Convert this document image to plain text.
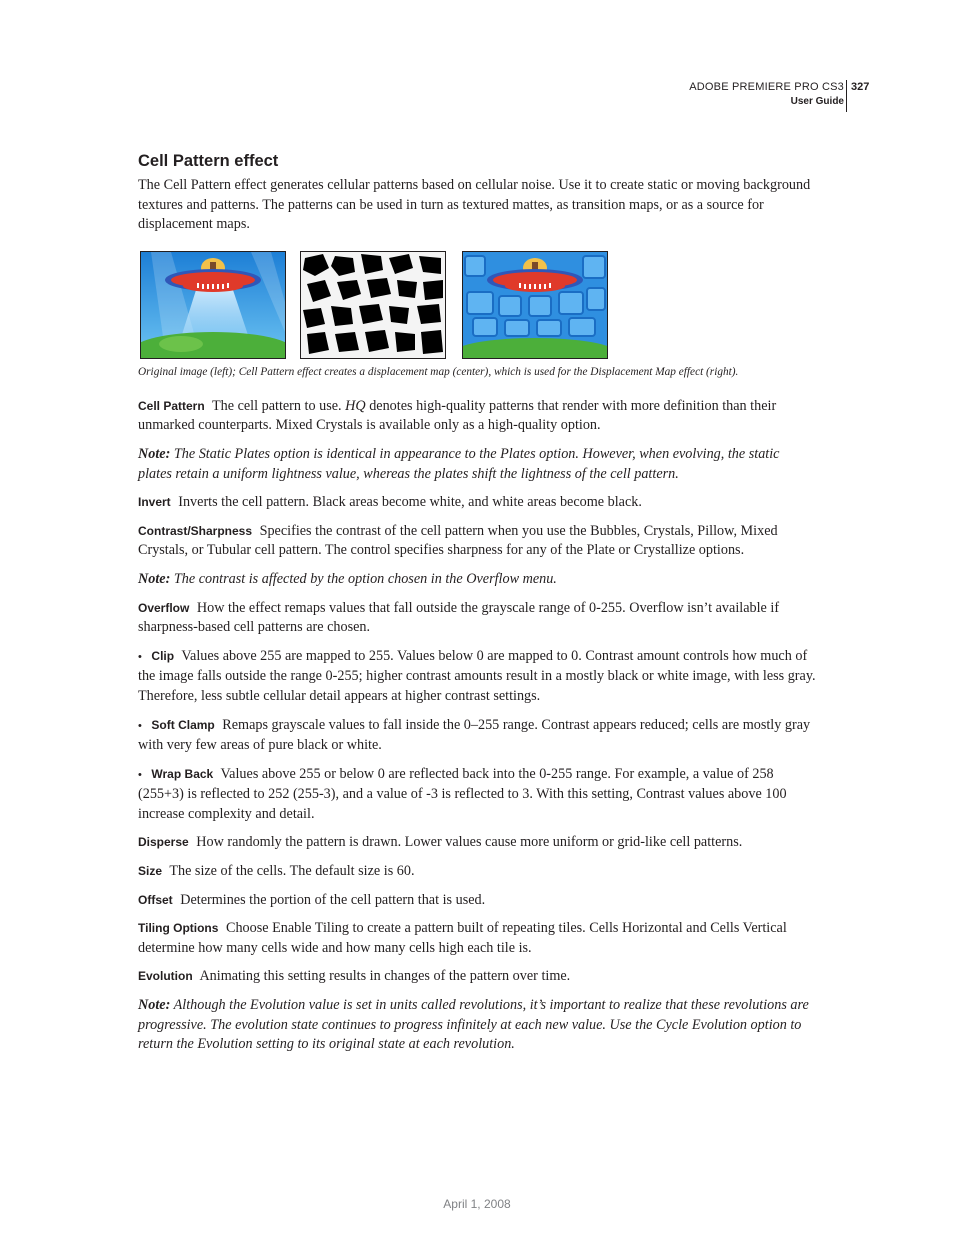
ADOBE PREMIERE PRO CS3
User Guide
327
Cell Pattern effect

The Cell Pattern effect generates cellular patterns based on cellular noise. Use it to create static or moving background textures and patterns. The patterns can be used in turn as textured mattes, as transition maps, or as a source for displacement maps.

Original image (left); Cell Pattern effect creates a displacement map (center), which is used for the Displacement Map effect (right).

Cell Pattern The cell pattern to use. HQ denotes high-quality patterns that render with more definition than their unmarked counterparts. Mixed Crystals is available only as a high-quality option.

Note: The Static Plates option is identical in appearance to the Plates option. However, when evolving, the static plates retain a uniform lightness value, whereas the plates shift the lightness of the cell pattern.

Invert Inverts the cell pattern. Black areas become white, and white areas become black.

Contrast/Sharpness Specifies the contrast of the cell pattern when you use the Bubbles, Crystals, Pillow, Mixed Crystals, or Tubular cell pattern. The control specifies sharpness for any of the Plate or Crystallize options.

Note: The contrast is affected by the option chosen in the Overflow menu.

Overflow How the effect remaps values that fall outside the grayscale range of 0-255. Overflow isn’t available if sharpness-based cell patterns are chosen.

• Clip Values above 255 are mapped to 255. Values below 0 are mapped to 0. Contrast amount controls how much of the image falls outside the range 0-255; higher contrast amounts result in a mostly black or white image, with less gray. Therefore, less subtle cellular detail appears at higher contrast settings.

• Soft Clamp Remaps grayscale values to fall inside the 0–255 range. Contrast appears reduced; cells are mostly gray with very few areas of pure black or white.

• Wrap Back Values above 255 or below 0 are reflected back into the 0-255 range. For example, a value of 258 (255+3) is reflected to 252 (255-3), and a value of -3 is reflected to 3. With this setting, Contrast values above 100 increase complexity and detail.

Disperse How randomly the pattern is drawn. Lower values cause more uniform or grid-like cell patterns.

Size The size of the cells. The default size is 60.

Offset Determines the portion of the cell pattern that is used.

Tiling Options Choose Enable Tiling to create a pattern built of repeating tiles. Cells Horizontal and Cells Vertical determine how many cells wide and how many cells high each tile is.

Evolution Animating this setting results in changes of the pattern over time.

Note: Although the Evolution value is set in units called revolutions, it’s important to realize that these revolutions are progressive. The evolution state continues to progress infinitely at each new value. Use the Cycle Evolution option to return the Evolution setting to its original state at each revolution.

April 1, 2008
